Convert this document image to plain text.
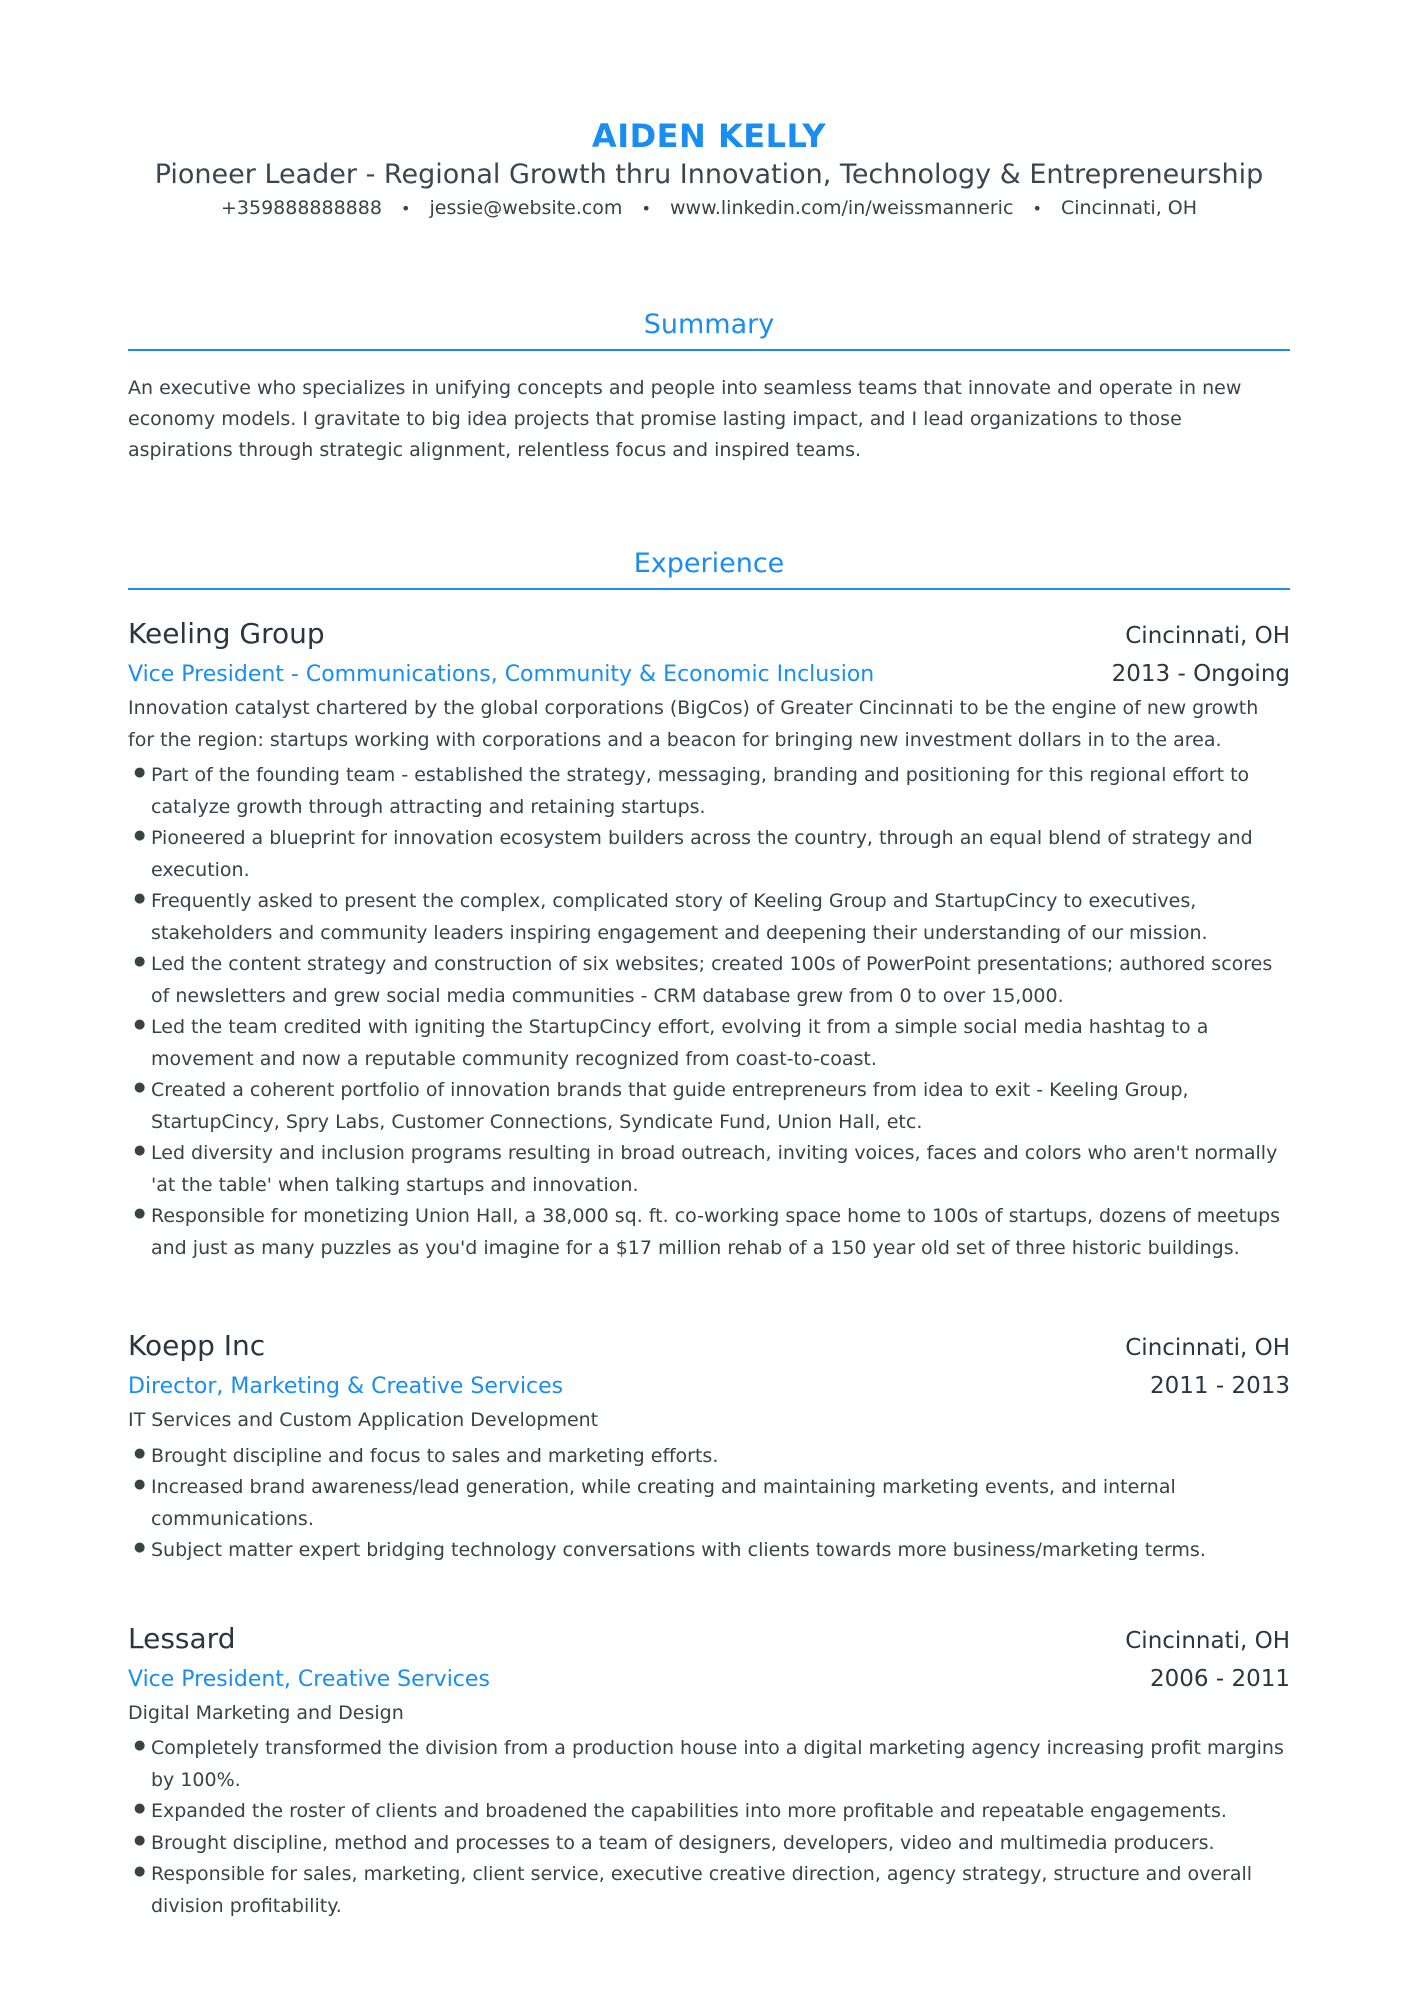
AIDEN KELLY
Pioneer Leader - Regional Growth thru Innovation, Technology & Entrepreneurship
+359888888888 • jessie@website.com • www.linkedin.com/in/weissmanneric • Cincinnati, OH
Summary
An executive who specializes in unifying concepts and people into seamless teams that innovate and operate in new economy models. I gravitate to big idea projects that promise lasting impact, and I lead organizations to those aspirations through strategic alignment, relentless focus and inspired teams.
Experience
Keeling Group	Cincinnati, OH
Vice President - Communications, Community & Economic Inclusion	2013 - Ongoing
Innovation catalyst chartered by the global corporations (BigCos) of Greater Cincinnati to be the engine of new growth for the region: startups working with corporations and a beacon for bringing new investment dollars in to the area.
● Part of the founding team - established the strategy, messaging, branding and positioning for this regional effort to catalyze growth through attracting and retaining startups.
● Pioneered a blueprint for innovation ecosystem builders across the country, through an equal blend of strategy and execution.
● Frequently asked to present the complex, complicated story of Keeling Group and StartupCincy to executives, stakeholders and community leaders inspiring engagement and deepening their understanding of our mission.
● Led the content strategy and construction of six websites; created 100s of PowerPoint presentations; authored scores of newsletters and grew social media communities - CRM database grew from 0 to over 15,000.
● Led the team credited with igniting the StartupCincy effort, evolving it from a simple social media hashtag to a movement and now a reputable community recognized from coast-to-coast.
● Created a coherent portfolio of innovation brands that guide entrepreneurs from idea to exit - Keeling Group, StartupCincy, Spry Labs, Customer Connections, Syndicate Fund, Union Hall, etc.
● Led diversity and inclusion programs resulting in broad outreach, inviting voices, faces and colors who aren't normally 'at the table' when talking startups and innovation.
● Responsible for monetizing Union Hall, a 38,000 sq. ft. co-working space home to 100s of startups, dozens of meetups and just as many puzzles as you'd imagine for a $17 million rehab of a 150 year old set of three historic buildings.
Koepp Inc	Cincinnati, OH
Director, Marketing & Creative Services	2011 - 2013
IT Services and Custom Application Development
● Brought discipline and focus to sales and marketing efforts.
● Increased brand awareness/lead generation, while creating and maintaining marketing events, and internal communications.
● Subject matter expert bridging technology conversations with clients towards more business/marketing terms.
Lessard	Cincinnati, OH
Vice President, Creative Services	2006 - 2011
Digital Marketing and Design
● Completely transformed the division from a production house into a digital marketing agency increasing profit margins by 100%.
● Expanded the roster of clients and broadened the capabilities into more profitable and repeatable engagements.
● Brought discipline, method and processes to a team of designers, developers, video and multimedia producers.
● Responsible for sales, marketing, client service, executive creative direction, agency strategy, structure and overall division profitability.
